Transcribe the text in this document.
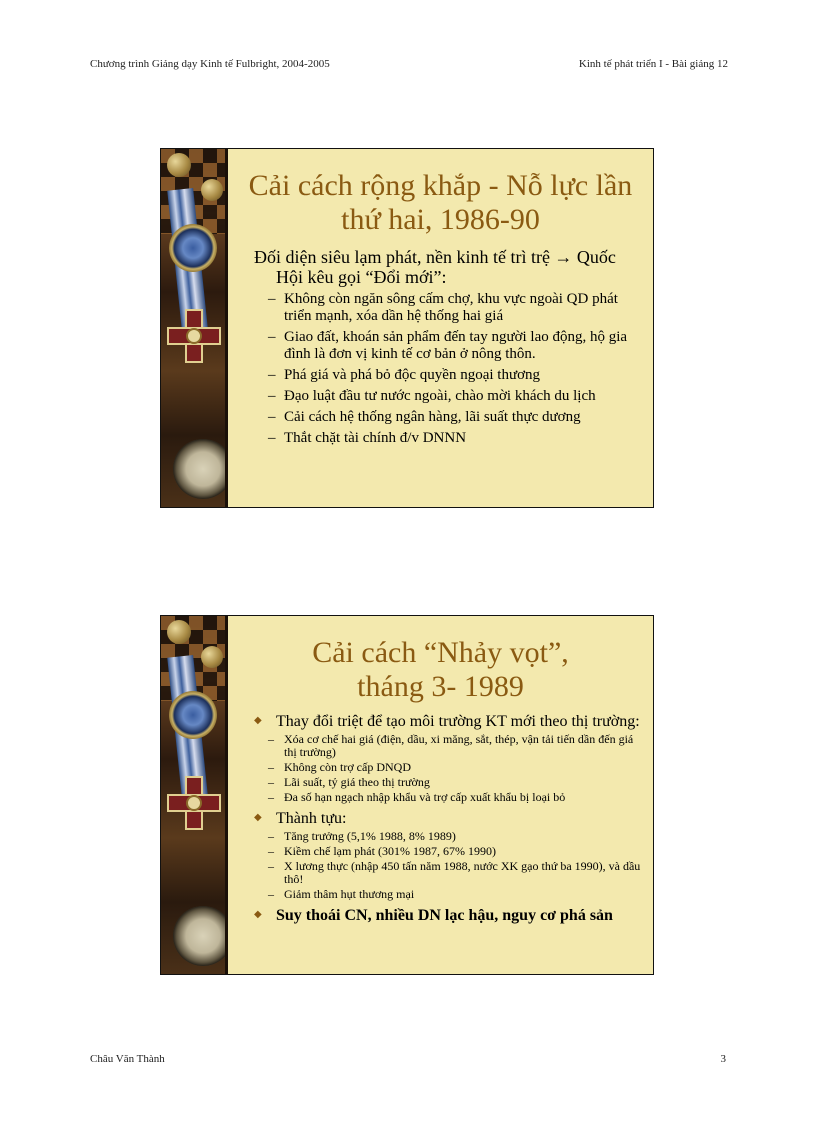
Chương trình Giảng dạy Kinh tế Fulbright, 2004-2005	Kinh tế phát triển I - Bài giảng 12
Cải cách rộng khắp - Nỗ lực lần
thứ hai, 1986-90
Đối diện siêu lạm phát, nền kinh tế trì trệ → Quốc Hội kêu gọi “Đổi mới”:
– Không còn ngăn sông cấm chợ, khu vực ngoài QD phát triển mạnh, xóa dần hệ thống hai giá
– Giao đất, khoán sản phẩm đến tay người lao động, hộ gia đình là đơn vị kinh tế cơ bản ở nông thôn.
– Phá giá và phá bỏ độc quyền ngoại thương
– Đạo luật đầu tư nước ngoài, chào mời khách du lịch
– Cải cách hệ thống ngân hàng, lãi suất thực dương
– Thắt chặt tài chính đ/v DNNN
Cải cách “Nhảy vọt”,
tháng 3- 1989
◆ Thay đổi triệt để tạo môi trường KT mới theo thị trường:
– Xóa cơ chế hai giá (điện, dầu, xi măng, sắt, thép, vận tải tiến dần đến giá thị trường)
– Không còn trợ cấp DNQD
– Lãi suất, tỷ giá theo thị trường
– Đa số hạn ngạch nhập khẩu và trợ cấp xuất khẩu bị loại bỏ
◆ Thành tựu:
– Tăng trưởng (5,1% 1988, 8% 1989)
– Kiềm chế lạm phát (301% 1987, 67% 1990)
– X lương thực (nhập 450 tấn năm 1988, nước XK gạo thứ ba 1990), và dầu thô!
– Giảm thâm hụt thương mại
◆ Suy thoái CN, nhiều DN lạc hậu, nguy cơ phá sản
Châu Văn Thành	3
